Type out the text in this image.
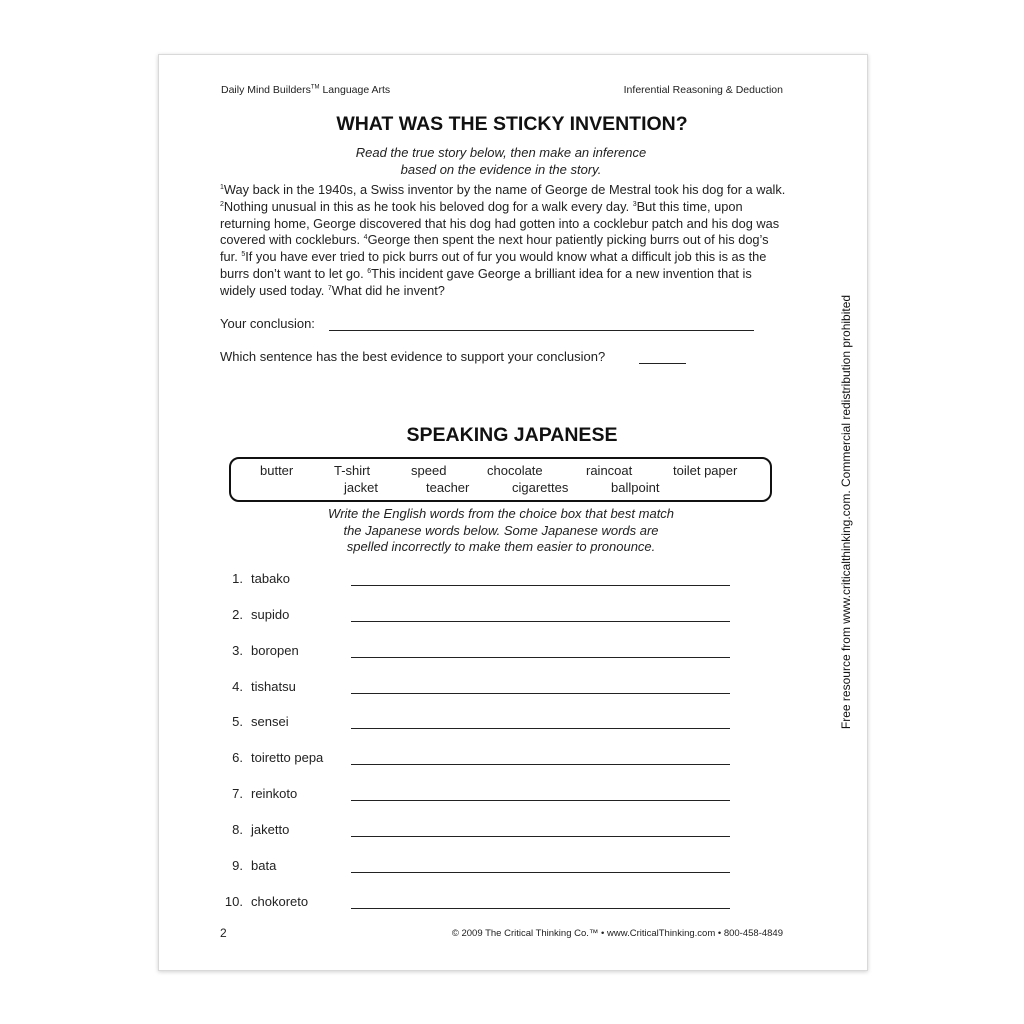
Daily Mind Builders™ Language Arts	Inferential Reasoning & Deduction
WHAT WAS THE STICKY INVENTION?
Read the true story below, then make an inference
based on the evidence in the story.

$^1$Way back in the 1940s, a Swiss inventor by the name of George de Mestral took his dog for a walk. $^2$Nothing unusual in this as he took his beloved dog for a walk every day. $^3$But this time, upon returning home, George discovered that his dog had gotten into a cocklebur patch and his dog was covered with cockleburs. $^4$George then spent the next hour patiently picking burrs out of his dog’s fur. $^5$If you have ever tried to pick burrs out of fur you would know what a difficult job this is as the burrs don’t want to let go. $^6$This incident gave George a brilliant idea for a new invention that is widely used today. $^7$What did he invent?

Your conclusion:
Which sentence has the best evidence to support your conclusion?
SPEAKING JAPANESE
butter	T-shirt	speed	chocolate	raincoat	toilet paper
jacket	teacher	cigarettes	ballpoint
Write the English words from the choice box that best match
the Japanese words below. Some Japanese words are
spelled incorrectly to make them easier to pronounce.
1. tabako
2. supido
3. boropen
4. tishatsu
5. sensei
6. toiretto pepa
7. reinkoto
8. jaketto
9. bata
10. chokoreto
2	© 2009 The Critical Thinking Co.™ • www.CriticalThinking.com • 800-458-4849
Free resource from www.criticalthinking.com. Commercial redistribution prohibited
